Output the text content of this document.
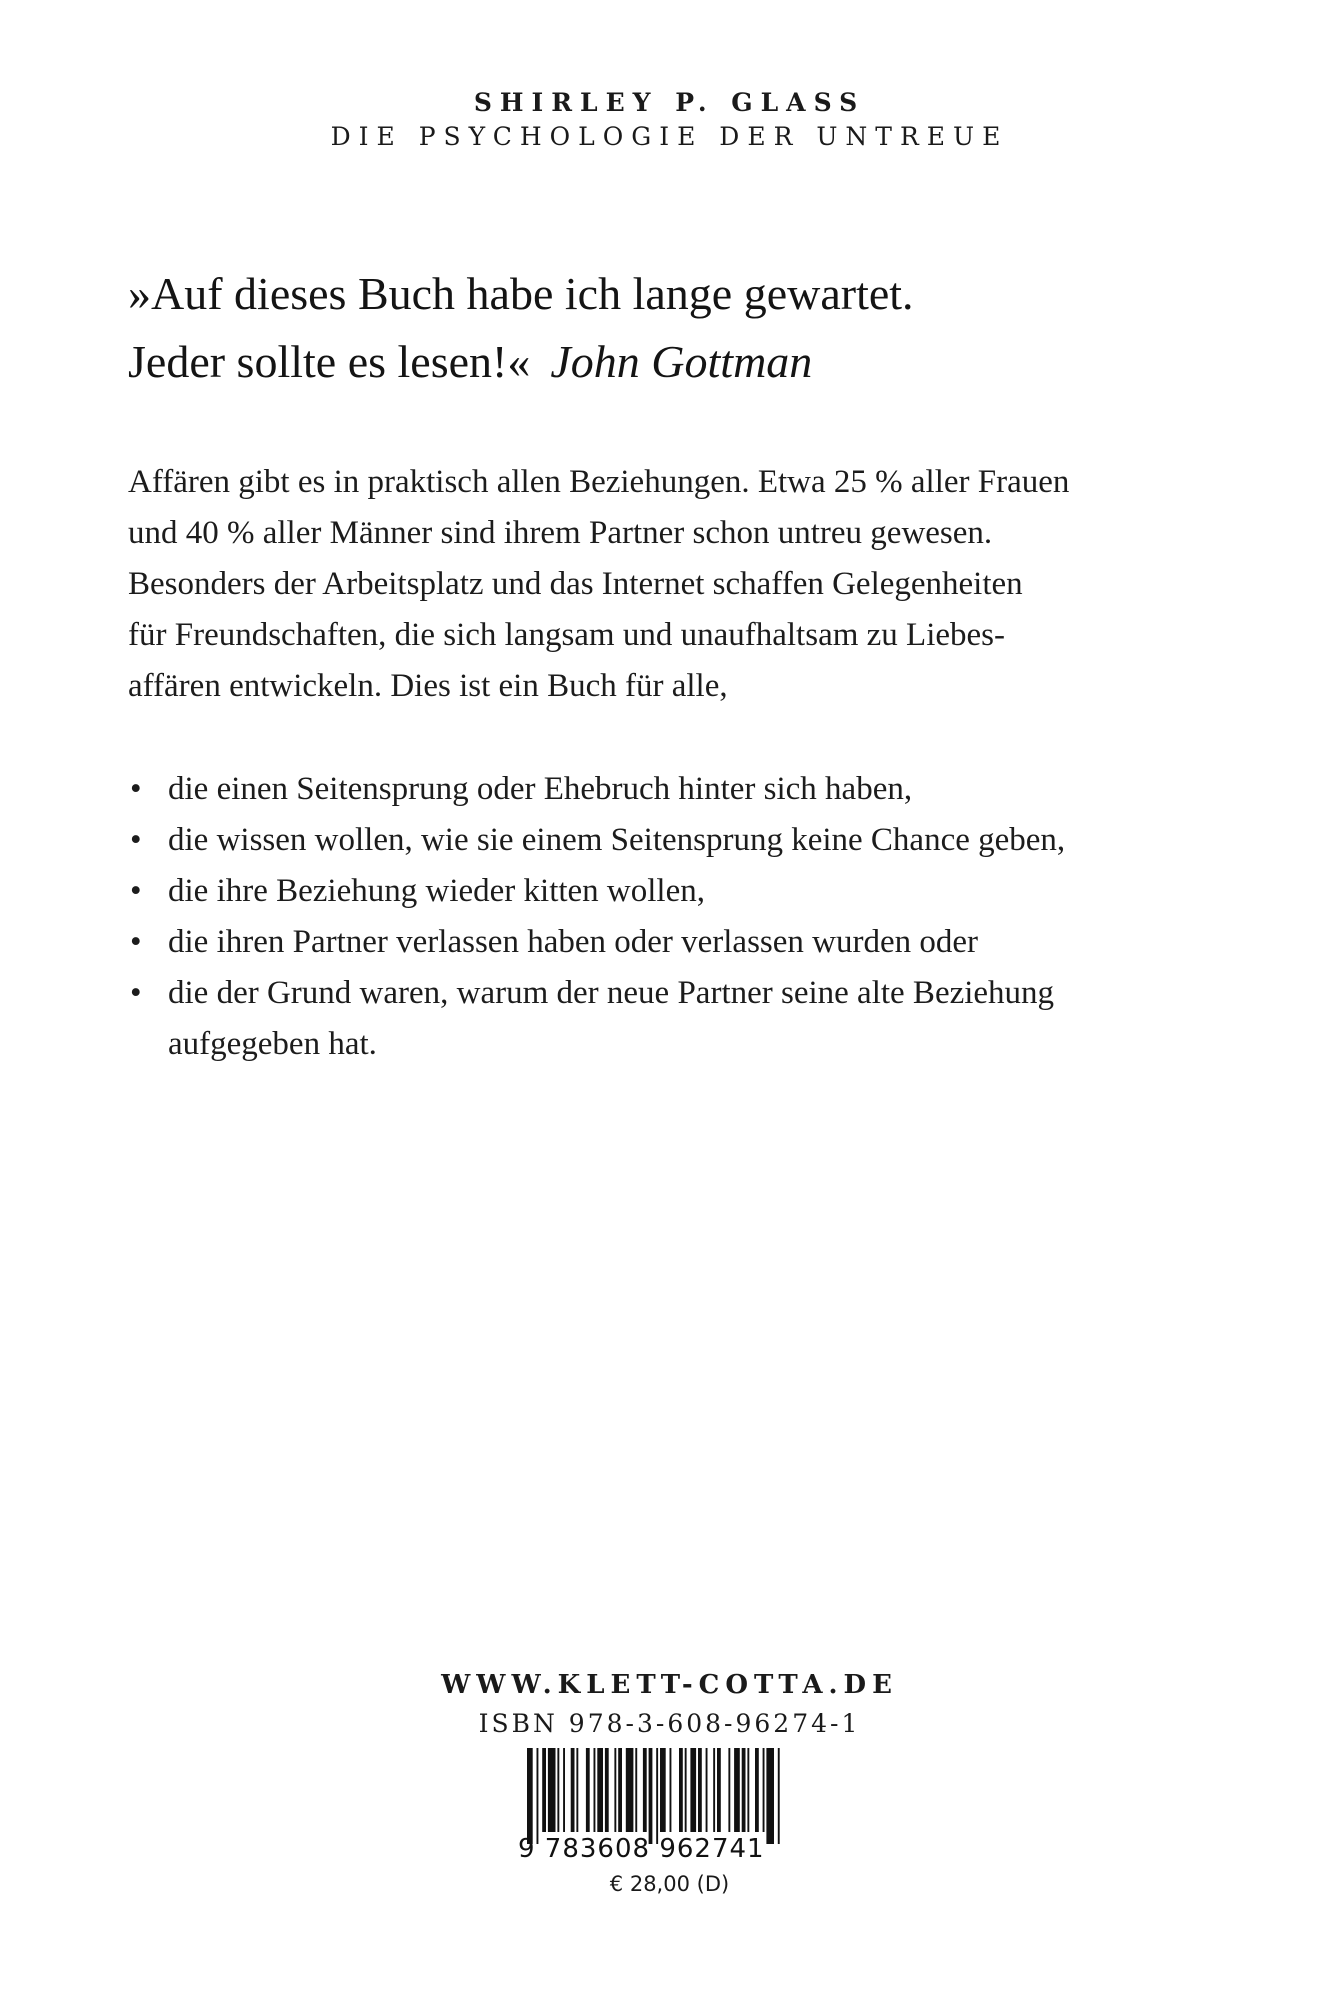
SHIRLEY P. GLASS
DIE PSYCHOLOGIE DER UNTREUE
»Auf dieses Buch habe ich lange gewartet.
Jeder sollte es lesen!« John Gottman
Affären gibt es in praktisch allen Beziehungen. Etwa 25 % aller Frauen
und 40 % aller Männer sind ihrem Partner schon untreu gewesen.
Besonders der Arbeitsplatz und das Internet schaffen Gelegenheiten
für Freundschaften, die sich langsam und unaufhaltsam zu Liebes-
affären entwickeln. Dies ist ein Buch für alle,
• die einen Seitensprung oder Ehebruch hinter sich haben,
• die wissen wollen, wie sie einem Seitensprung keine Chance geben,
• die ihre Beziehung wieder kitten wollen,
• die ihren Partner verlassen haben oder verlassen wurden oder
• die der Grund waren, warum der neue Partner seine alte Beziehung
aufgegeben hat.
WWW.KLETT-COTTA.DE
ISBN 978-3-608-96274-1
9 783608 962741
€ 28,00 (D)
